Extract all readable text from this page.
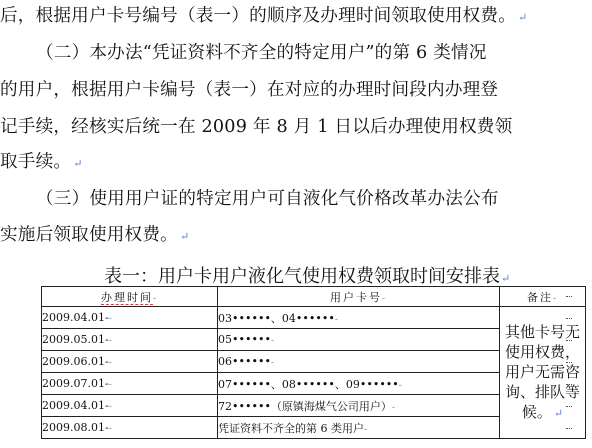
后，根据用户卡号编号（表一）的顺序及办理时间领取使用权费。 ↵
（二）本办法“凭证资料不齐全的特定用户”的第 6 类情况
的用户，根据用户卡编号（表一）在对应的办理时间段内办理登
记手续，经核实后统一在 2009 年 8 月 1 日以后办理使用权费领
取手续。 ↵
（三）使用用户证的特定用户可自液化气价格改革办法公布
实施后领取使用权费。 ↵
表一：用户卡用户液化气使用权费领取时间安排表↵
办理时间-	用户卡号-	备注-
2009.04.01--	03••••••、04••••••-	其他卡号无使用权费，用户无需咨询、排队等候。 ↵
2009.05.01--	05••••••-	
2009.06.01--	06••••••-	
2009.07.01--	07••••••、08••••••、09••••••-	
2009.04.01--	72••••••（原镇海煤气公司用户）-	
2009.08.01--	凭证资料不齐全的第 6 类用户-	
